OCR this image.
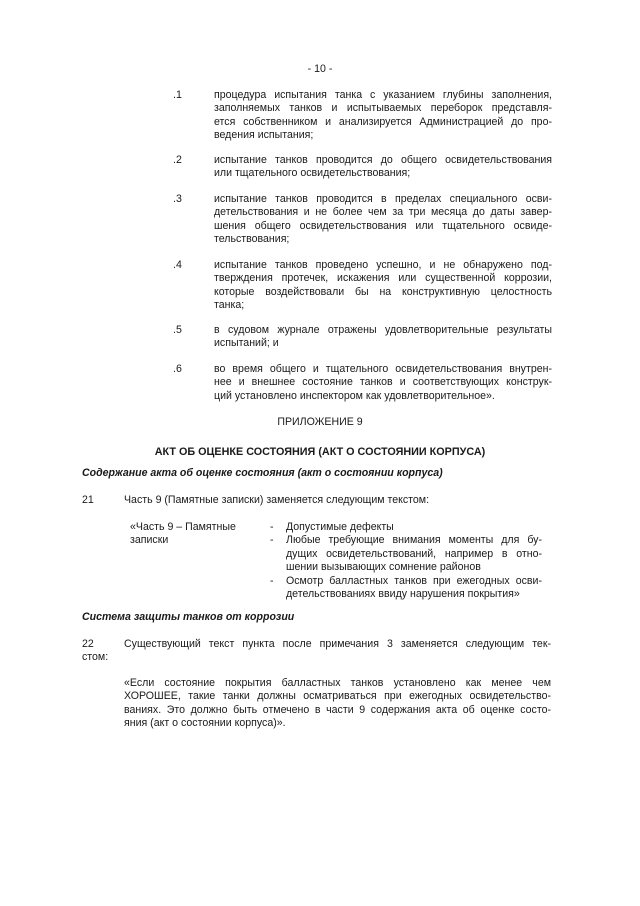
- 10 -
.1	процедура испытания танка с указанием глубины заполнения,
заполняемых танков и испытываемых переборок представля-
ется собственником и анализируется Администрацией до про-
ведения испытания;
.2	испытание танков проводится до общего освидетельствования
или тщательного освидетельствования;
.3	испытание танков проводится в пределах специального осви-
детельствования и не более чем за три месяца до даты завер-
шения общего освидетельствования или тщательного освиде-
тельствования;
.4	испытание танков проведено успешно, и не обнаружено под-
тверждения протечек, искажения или существенной коррозии,
которые воздействовали бы на конструктивную целостность
танка;
.5	в судовом журнале отражены удовлетворительные результаты
испытаний; и
.6	во время общего и тщательного освидетельствования внутрен-
нее и внешнее состояние танков и соответствующих конструк-
ций установлено инспектором как удовлетворительное».
ПРИЛОЖЕНИЕ 9
АКТ ОБ ОЦЕНКЕ СОСТОЯНИЯ (АКТ О СОСТОЯНИИ КОРПУСА)
Содержание акта об оценке состояния (акт о состоянии корпуса)
21	Часть 9 (Памятные записки) заменяется следующим текстом:
«Часть 9 – Памятные
записки
- Допустимые дефекты
- Любые требующие внимания моменты для бу-
дущих освидетельствований, например в отно-
шении вызывающих сомнение районов
- Осмотр балластных танков при ежегодных осви-
детельствованиях ввиду нарушения покрытия»
Система защиты танков от коррозии
22	Существующий текст пункта после примечания 3 заменяется следующим тек-
стом:
«Если состояние покрытия балластных танков установлено как менее чем
ХОРОШЕЕ, такие танки должны осматриваться при ежегодных освидетельство-
ваниях. Это должно быть отмечено в части 9 содержания акта об оценке состо-
яния (акт о состоянии корпуса)».
